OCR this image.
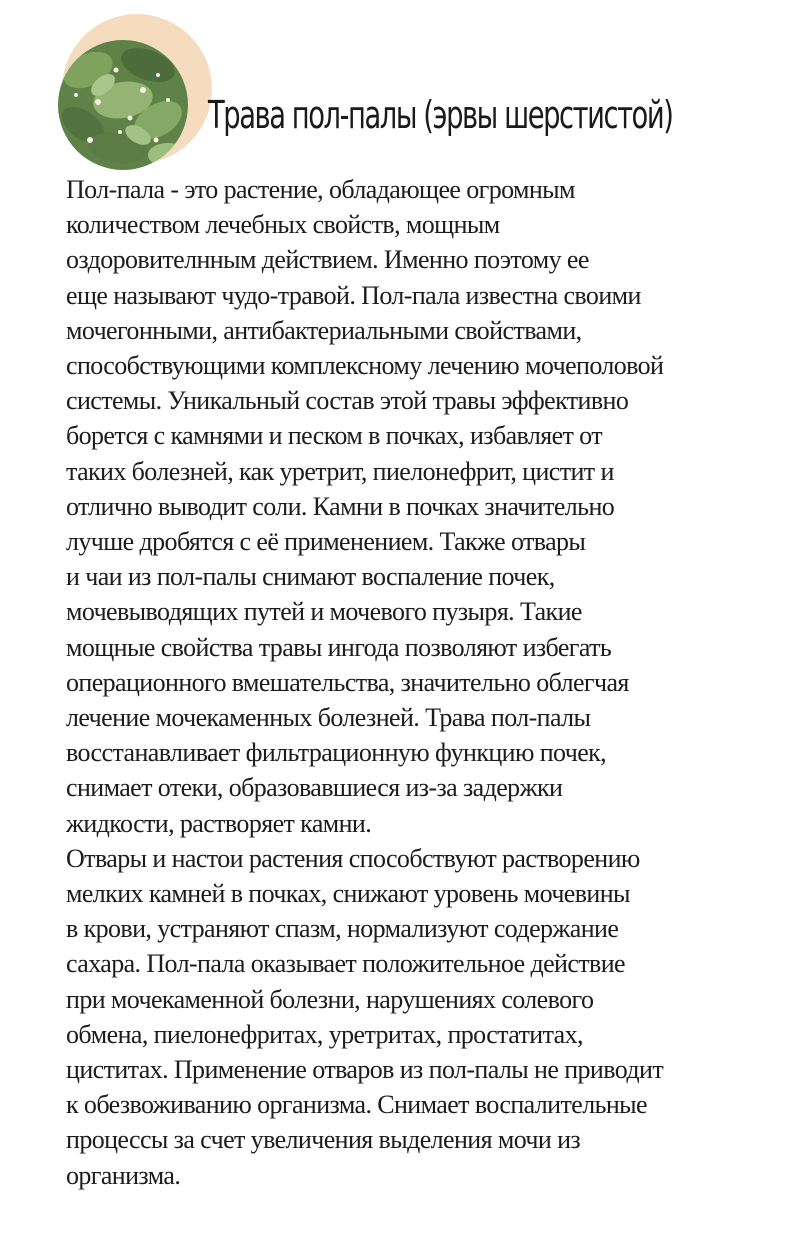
Трава пол-палы (эрвы шерстистой)

Пол-пала - это растение, обладающее огромным
количеством лечебных свойств, мощным
оздоровителнным действием. Именно поэтому ее
еще называют чудо-травой. Пол-пала известна своими
мочегонными, антибактериальными свойствами,
способствующими комплексному лечению мочеполовой
системы. Уникальный состав этой травы эффективно
борется с камнями и песком в почках, избавляет от
таких болезней, как уретрит, пиелонефрит, цистит и
отлично выводит соли. Камни в почках значительно
лучше дробятся с её применением. Также отвары
и чаи из пол-палы снимают воспаление почек,
мочевыводящих путей и мочевого пузыря. Такие
мощные свойства травы ингода позволяют избегать
операционного вмешательства, значительно облегчая
лечение мочекаменных болезней. Трава пол-палы
восстанавливает фильтрационную функцию почек,
снимает отеки, образовавшиеся из-за задержки
жидкости, растворяет камни.

Отвары и настои растения способствуют растворению
мелких камней в почках, снижают уровень мочевины
в крови, устраняют спазм, нормализуют содержание
сахара. Пол-пала оказывает положительное действие
при мочекаменной болезни, нарушениях солевого
обмена, пиелонефритах, уретритах, простатитах,
циститах. Применение отваров из пол-палы не приводит
к обезвоживанию организма. Снимает воспалительные
процессы за счет увеличения выделения мочи из
организма.
